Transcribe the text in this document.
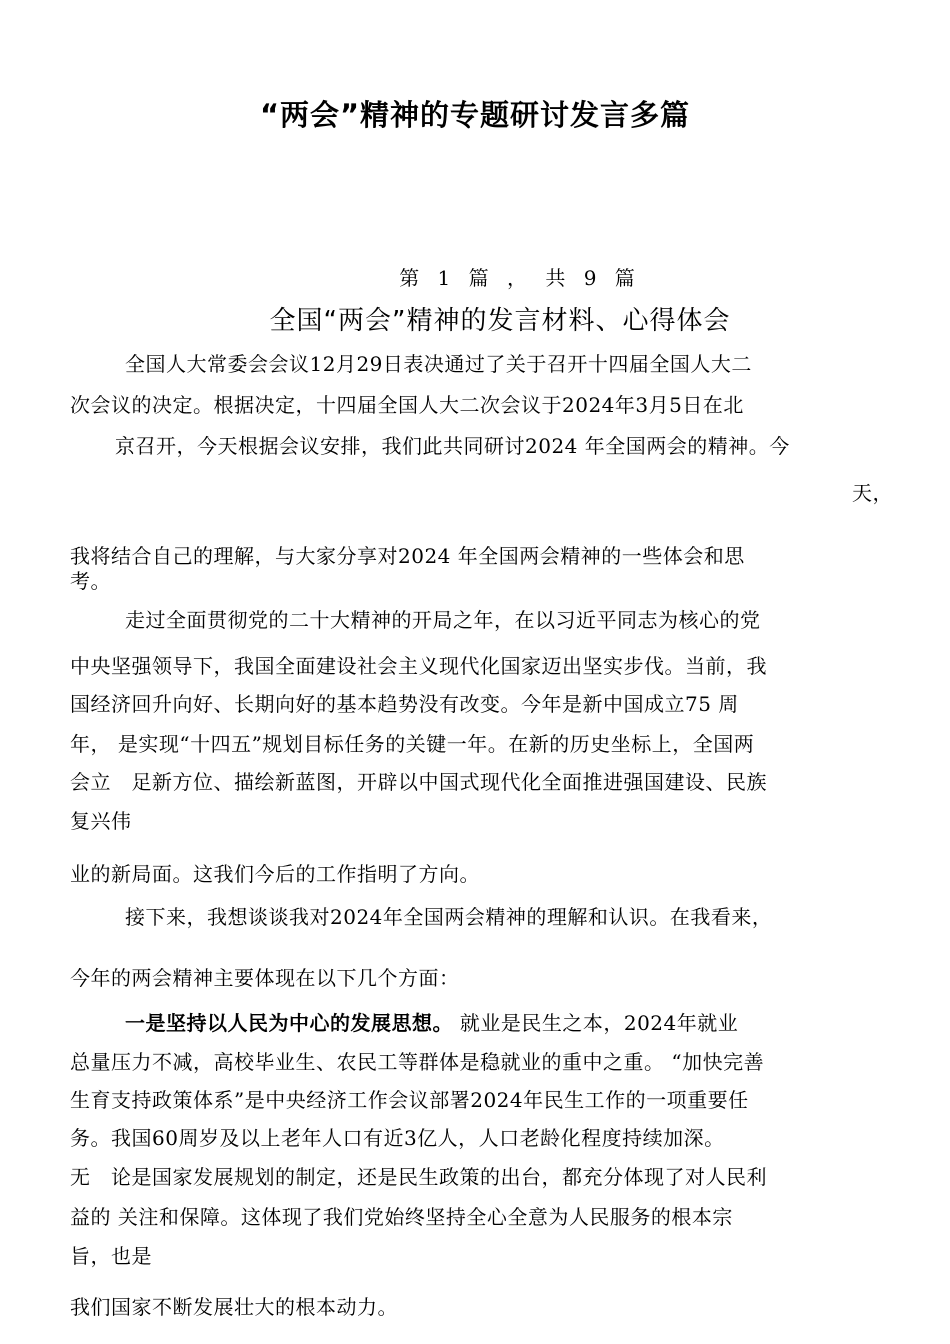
“两会”精神的专题研讨发言多篇
第 1 篇 ， 共 9 篇
全国“两会”精神的发言材料、心得体会
全国人大常委会会议12月29日表决通过了关于召开十四届全国人大二
次会议的决定。根据决定，十四届全国人大二次会议于2024年3月5日在北
京召开，今天根据会议安排，我们此共同研讨2024 年全国两会的精神。今
天，
我将结合自己的理解，与大家分享对2024 年全国两会精神的一些体会和思
考。
走过全面贯彻党的二十大精神的开局之年，在以习近平同志为核心的党
中央坚强领导下，我国全面建设社会主义现代化国家迈出坚实步伐。当前，我
国经济回升向好、长期向好的基本趋势没有改变。今年是新中国成立75 周
年， 是实现“十四五”规划目标任务的关键一年。在新的历史坐标上，全国两
会立　足新方位、描绘新蓝图，开辟以中国式现代化全面推进强国建设、民族
复兴伟
业的新局面。这我们今后的工作指明了方向。
接下来，我想谈谈我对2024年全国两会精神的理解和认识。在我看来，
今年的两会精神主要体现在以下几个方面：
一是坚持以人民为中心的发展思想。 就业是民生之本，2024年就业
总量压力不减，高校毕业生、农民工等群体是稳就业的重中之重。 “加快完善
生育支持政策体系”是中央经济工作会议部署2024年民生工作的一项重要任
务。我国60周岁及以上老年人口有近3亿人，人口老龄化程度持续加深。
无　论是国家发展规划的制定，还是民生政策的出台，都充分体现了对人民利
益的 关注和保障。这体现了我们党始终坚持全心全意为人民服务的根本宗
旨，也是
我们国家不断发展壮大的根本动力。
